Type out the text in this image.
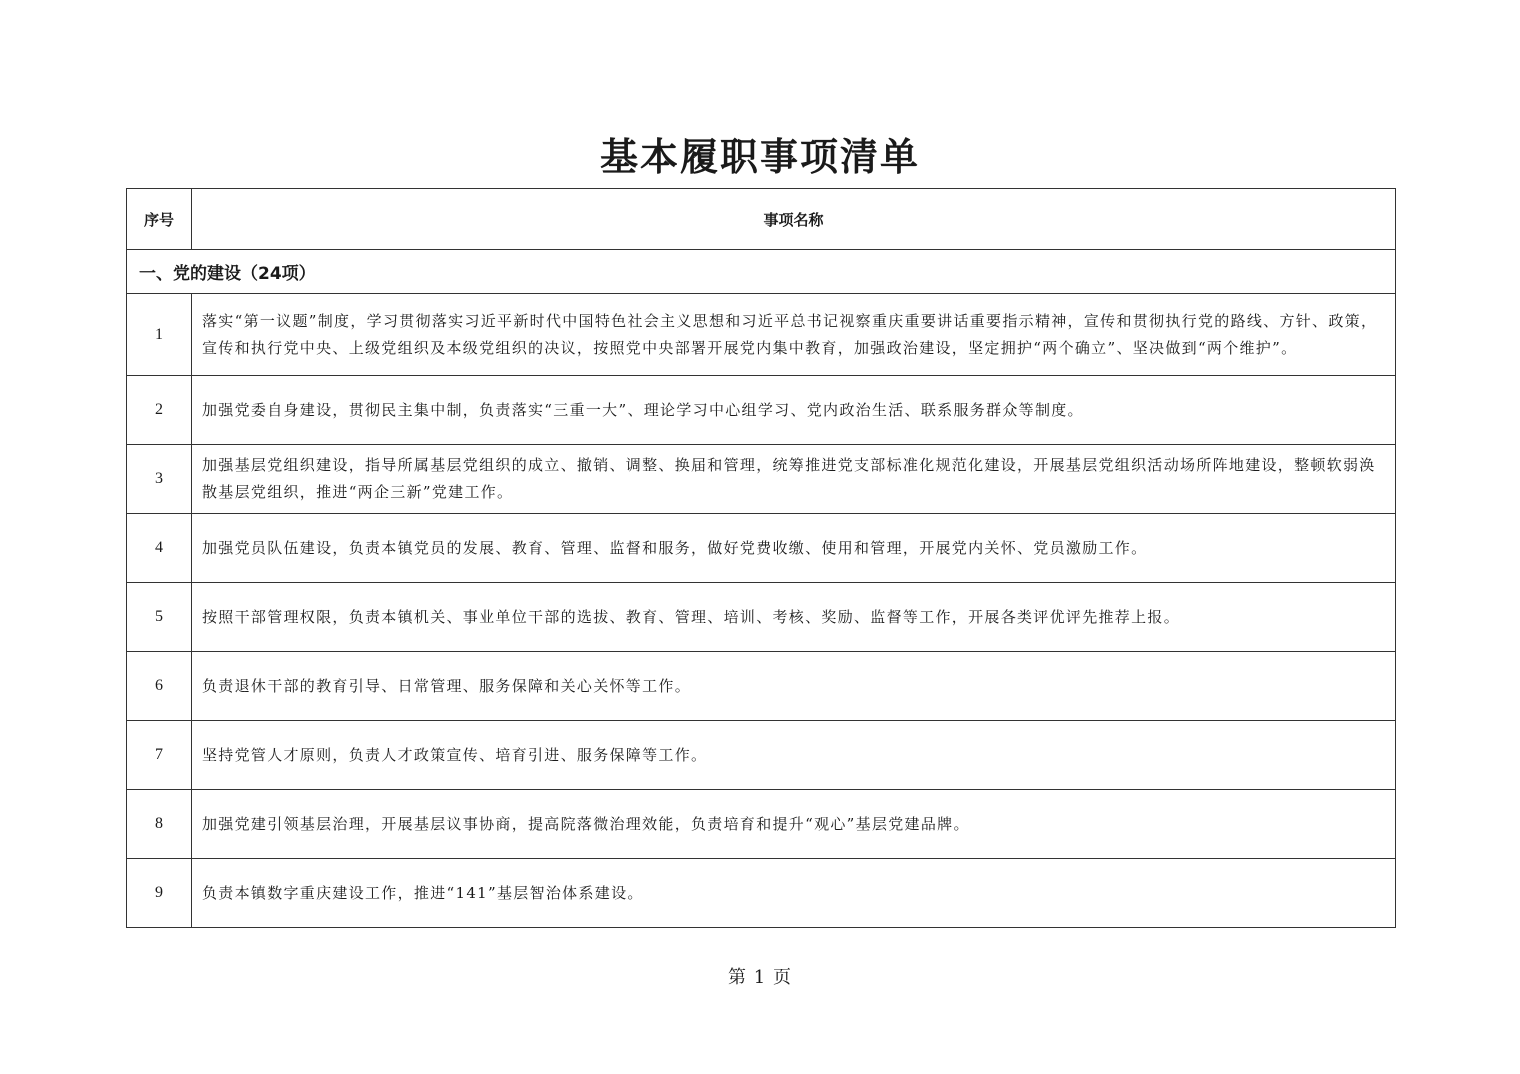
基本履职事项清单
序号	事项名称
一、党的建设（24项）	
1	落实“第一议题”制度，学习贯彻落实习近平新时代中国特色社会主义思想和习近平总书记视察重庆重要讲话重要指示精神，宣传和贯彻执行党的路线、方针、政策，宣传和执行党中央、上级党组织及本级党组织的决议，按照党中央部署开展党内集中教育，加强政治建设，坚定拥护“两个确立”、坚决做到“两个维护”。
2	加强党委自身建设，贯彻民主集中制，负责落实“三重一大”、理论学习中心组学习、党内政治生活、联系服务群众等制度。
3	加强基层党组织建设，指导所属基层党组织的成立、撤销、调整、换届和管理，统筹推进党支部标准化规范化建设，开展基层党组织活动场所阵地建设，整顿软弱涣散基层党组织，推进“两企三新”党建工作。
4	加强党员队伍建设，负责本镇党员的发展、教育、管理、监督和服务，做好党费收缴、使用和管理，开展党内关怀、党员激励工作。
5	按照干部管理权限，负责本镇机关、事业单位干部的选拔、教育、管理、培训、考核、奖励、监督等工作，开展各类评优评先推荐上报。
6	负责退休干部的教育引导、日常管理、服务保障和关心关怀等工作。
7	坚持党管人才原则，负责人才政策宣传、培育引进、服务保障等工作。
8	加强党建引领基层治理，开展基层议事协商，提高院落微治理效能，负责培育和提升“观心”基层党建品牌。
9	负责本镇数字重庆建设工作，推进“141”基层智治体系建设。
第 1 页
